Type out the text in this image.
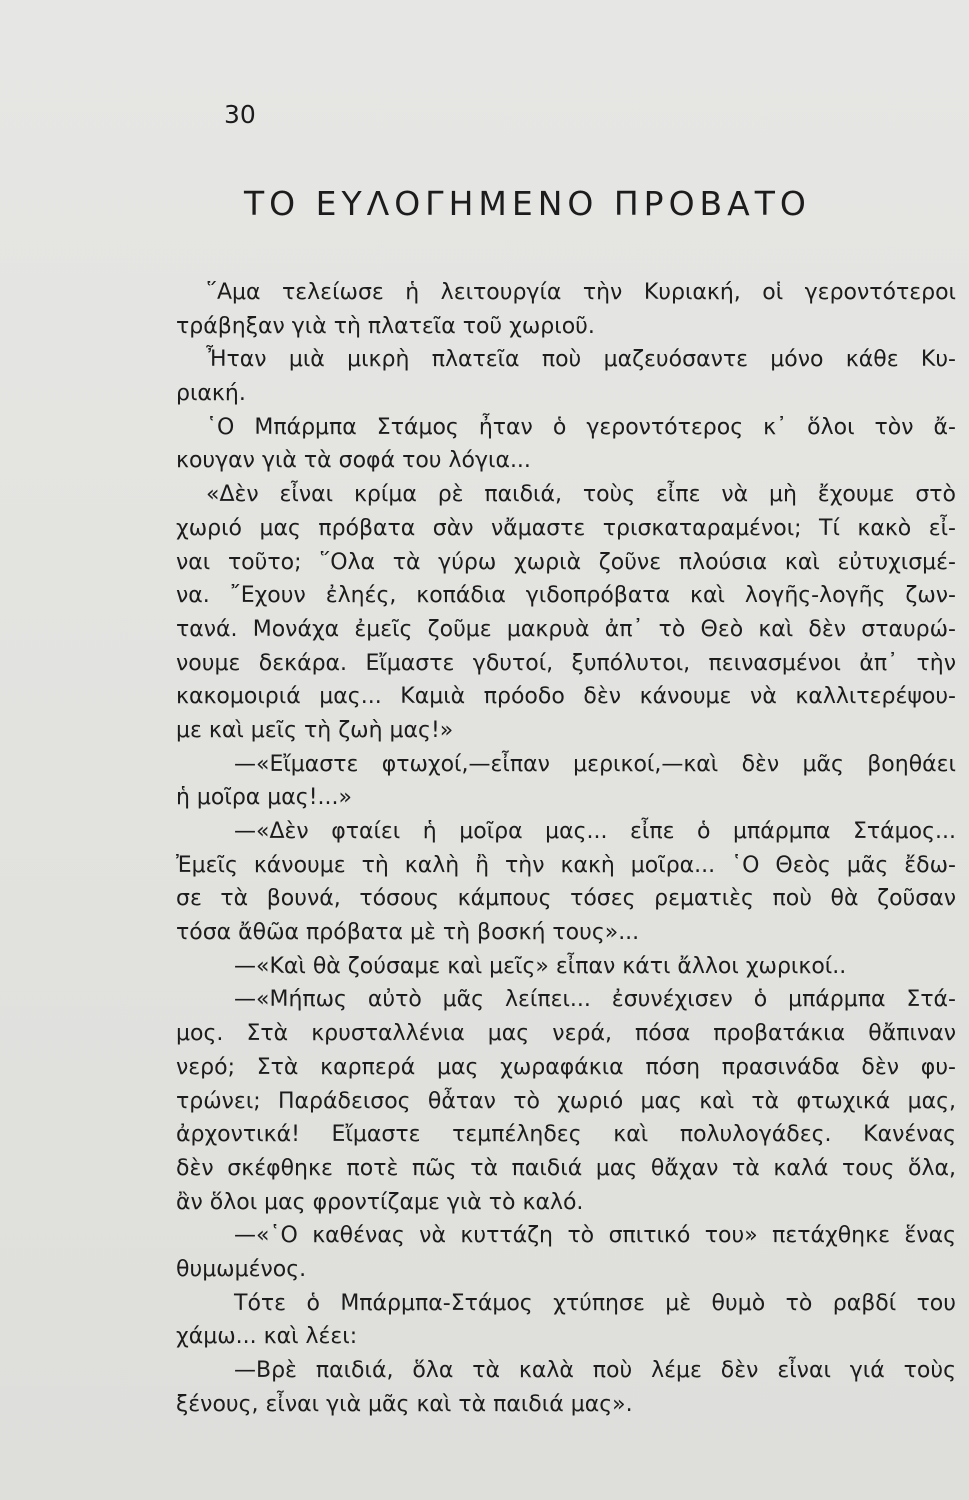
30
ΤΟ ΕΥΛΟΓΗΜΕΝΟ ΠΡΟΒΑΤΟ
῞Αμα τελείωσε ἡ λειτουργία τὴν Κυριακή, οἱ γεροντότεροι
τράβηξαν γιὰ τὴ πλατεῖα τοῦ χωριοῦ.
Ἦταν μιὰ μικρὴ πλατεῖα ποὺ μαζευόσαντε μόνο κάθε Κυ-
ριακή.
῾Ο Μπάρμπα Στάμος ἦταν ὁ γεροντότερος κ᾿ ὅλοι τὸν ἄ-
κουγαν γιὰ τὰ σοφά του λόγια...
«Δὲν εἶναι κρίμα ρὲ παιδιά, τοὺς εἶπε νὰ μὴ ἔχουμε στὸ
χωριό μας πρόβατα σὰν νἄμαστε τρισκαταραμένοι; Τί κακὸ εἶ-
ναι τοῦτο; ῞Ολα τὰ γύρω χωριὰ ζοῦνε πλούσια καὶ εὐτυχισμέ-
να. ῎Εχουν ἐληές, κοπάδια γιδοπρόβατα καὶ λογῆς-λογῆς ζων-
τανά. Μονάχα ἐμεῖς ζοῦμε μακρυὰ ἀπ᾿ τὸ Θεὸ καὶ δὲν σταυρώ-
νουμε δεκάρα. Εἴμαστε γδυτοί, ξυπόλυτοι, πεινασμένοι ἀπ᾿ τὴν
κακομοιριά μας... Καμιὰ πρόοδο δὲν κάνουμε νὰ καλλιτερέψου-
με καὶ μεῖς τὴ ζωὴ μας!»
—«Εἴμαστε φτωχοί,—εἶπαν μερικοί,—καὶ δὲν μᾶς βοηθάει
ἡ μοῖρα μας!...»
—«Δὲν φταίει ἡ μοῖρα μας... εἶπε ὁ μπάρμπα Στάμος...
Ἐμεῖς κάνουμε τὴ καλὴ ἢ τὴν κακὴ μοῖρα... ῾Ο Θεὸς μᾶς ἔδω-
σε τὰ βουνά, τόσους κάμπους τόσες ρεματιὲς ποὺ θὰ ζοῦσαν
τόσα ἄθῶα πρόβατα μὲ τὴ βοσκή τους»...
—«Καὶ θὰ ζούσαμε καὶ μεῖς» εἶπαν κάτι ἄλλοι χωρικοί..
—«Μήπως αὐτὸ μᾶς λείπει... ἐσυνέχισεν ὁ μπάρμπα Στά-
μος. Στὰ κρυσταλλένια μας νερά, πόσα προβατάκια θἄπιναν
νερό; Στὰ καρπερά μας χωραφάκια πόση πρασινάδα δὲν φυ-
τρώνει; Παράδεισος θἆταν τὸ χωριό μας καὶ τὰ φτωχικά μας,
ἀρχοντικά! Εἴμαστε τεμπέληδες καὶ πολυλογάδες. Κανένας
δὲν σκέφθηκε ποτὲ πῶς τὰ παιδιά μας θἄχαν τὰ καλά τους ὅλα,
ἂν ὅλοι μας φροντίζαμε γιὰ τὸ καλό.
—«῾Ο καθένας νὰ κυττάζη τὸ σπιτικό του» πετάχθηκε ἕνας
θυμωμένος.
Τότε ὁ Μπάρμπα-Στάμος χτύπησε μὲ θυμὸ τὸ ραβδί του
χάμω... καὶ λέει:
—Βρὲ παιδιά, ὅλα τὰ καλὰ ποὺ λέμε δὲν εἶναι γιά τοὺς
ξένους, εἶναι γιὰ μᾶς καὶ τὰ παιδιά μας».
